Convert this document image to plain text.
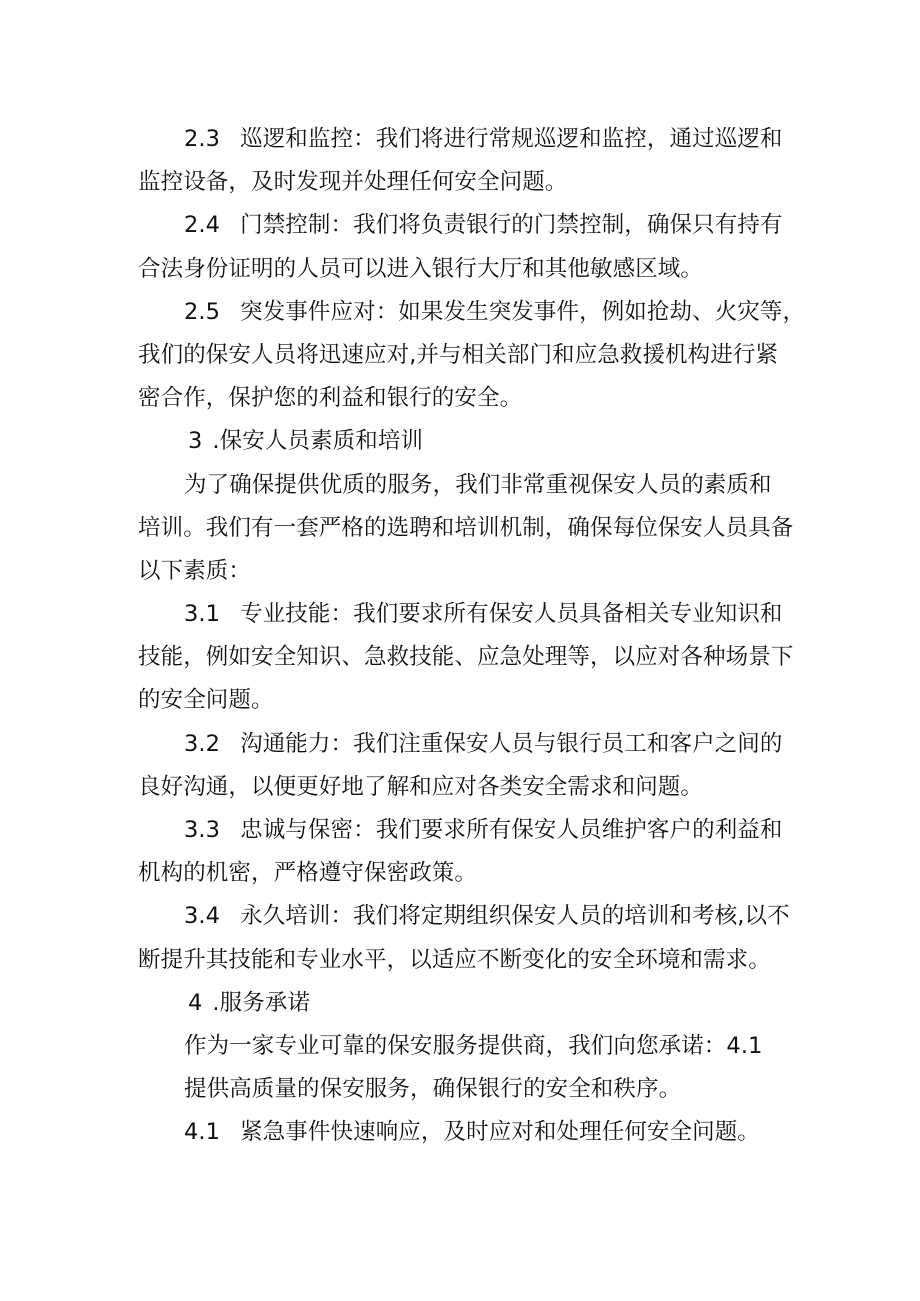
2.3 巡逻和监控：我们将进行常规巡逻和监控，通过巡逻和
监控设备，及时发现并处理任何安全问题。
2.4 门禁控制：我们将负责银行的门禁控制，确保只有持有
合法身份证明的人员可以进入银行大厅和其他敏感区域。
2.5 突发事件应对：如果发生突发事件，例如抢劫、火灾等，
我们的保安人员将迅速应对,并与相关部门和应急救援机构进行紧
密合作，保护您的利益和银行的安全。
3 .保安人员素质和培训
为了确保提供优质的服务，我们非常重视保安人员的素质和
培训。我们有一套严格的选聘和培训机制，确保每位保安人员具备
以下素质：
3.1 专业技能：我们要求所有保安人员具备相关专业知识和
技能，例如安全知识、急救技能、应急处理等，以应对各种场景下
的安全问题。
3.2 沟通能力：我们注重保安人员与银行员工和客户之间的
良好沟通，以便更好地了解和应对各类安全需求和问题。
3.3 忠诚与保密：我们要求所有保安人员维护客户的利益和
机构的机密，严格遵守保密政策。
3.4 永久培训：我们将定期组织保安人员的培训和考核,以不
断提升其技能和专业水平，以适应不断变化的安全环境和需求。
4 .服务承诺
作为一家专业可靠的保安服务提供商，我们向您承诺：4.1
提供高质量的保安服务，确保银行的安全和秩序。
4.1 紧急事件快速响应，及时应对和处理任何安全问题。
